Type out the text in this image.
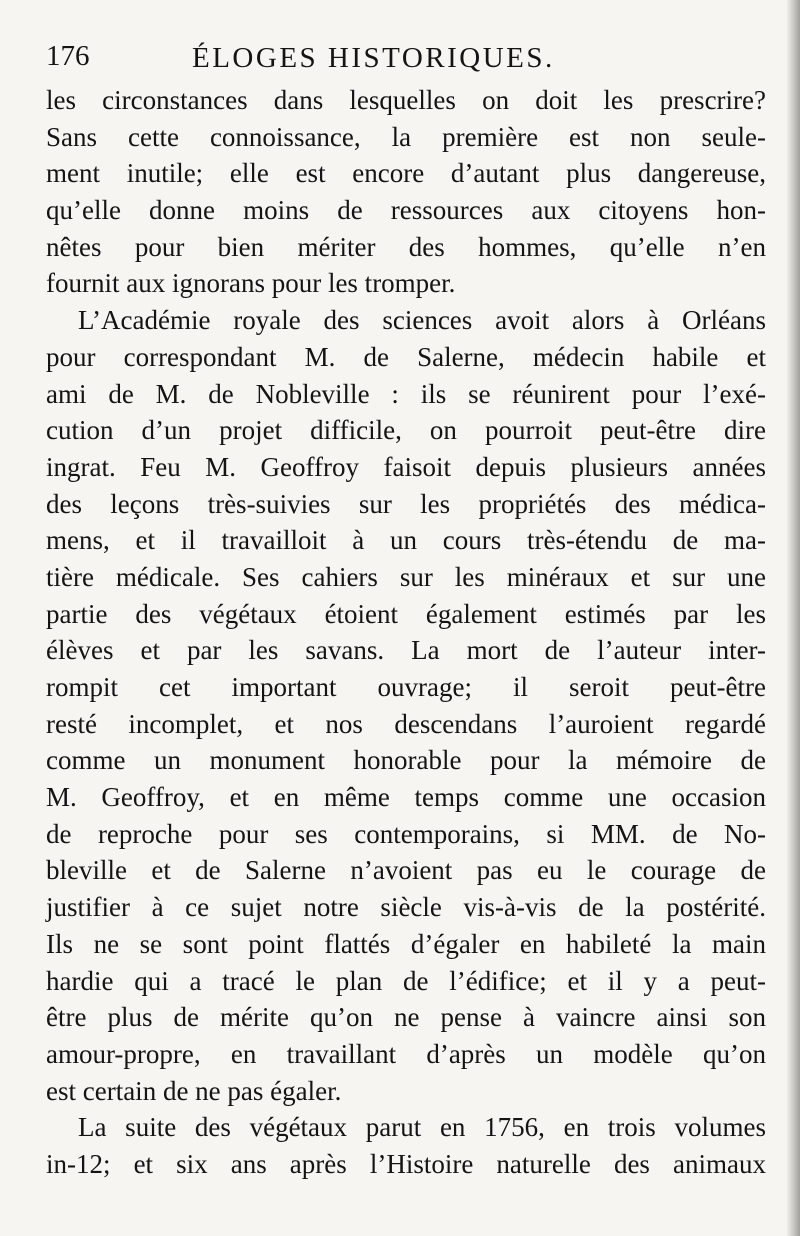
176	ÉLOGES HISTORIQUES.
les circonstances dans lesquelles on doit les prescrire?
Sans cette connoissance, la première est non seule-
ment inutile; elle est encore d’autant plus dangereuse,
qu’elle donne moins de ressources aux citoyens hon-
nêtes pour bien mériter des hommes, qu’elle n’en
fournit aux ignorans pour les tromper.
L’Académie royale des sciences avoit alors à Orléans
pour correspondant M. de Salerne, médecin habile et
ami de M. de Nobleville : ils se réunirent pour l’exé-
cution d’un projet difficile, on pourroit peut-être dire
ingrat. Feu M. Geoffroy faisoit depuis plusieurs années
des leçons très-suivies sur les propriétés des médica-
mens, et il travailloit à un cours très-étendu de ma-
tière médicale. Ses cahiers sur les minéraux et sur une
partie des végétaux étoient également estimés par les
élèves et par les savans. La mort de l’auteur inter-
rompit cet important ouvrage; il seroit peut-être
resté incomplet, et nos descendans l’auroient regardé
comme un monument honorable pour la mémoire de
M. Geoffroy, et en même temps comme une occasion
de reproche pour ses contemporains, si MM. de No-
bleville et de Salerne n’avoient pas eu le courage de
justifier à ce sujet notre siècle vis-à-vis de la postérité.
Ils ne se sont point flattés d’égaler en habileté la main
hardie qui a tracé le plan de l’édifice; et il y a peut-
être plus de mérite qu’on ne pense à vaincre ainsi son
amour-propre, en travaillant d’après un modèle qu’on
est certain de ne pas égaler.
La suite des végétaux parut en 1756, en trois volumes
in-12; et six ans après l’Histoire naturelle des animaux
